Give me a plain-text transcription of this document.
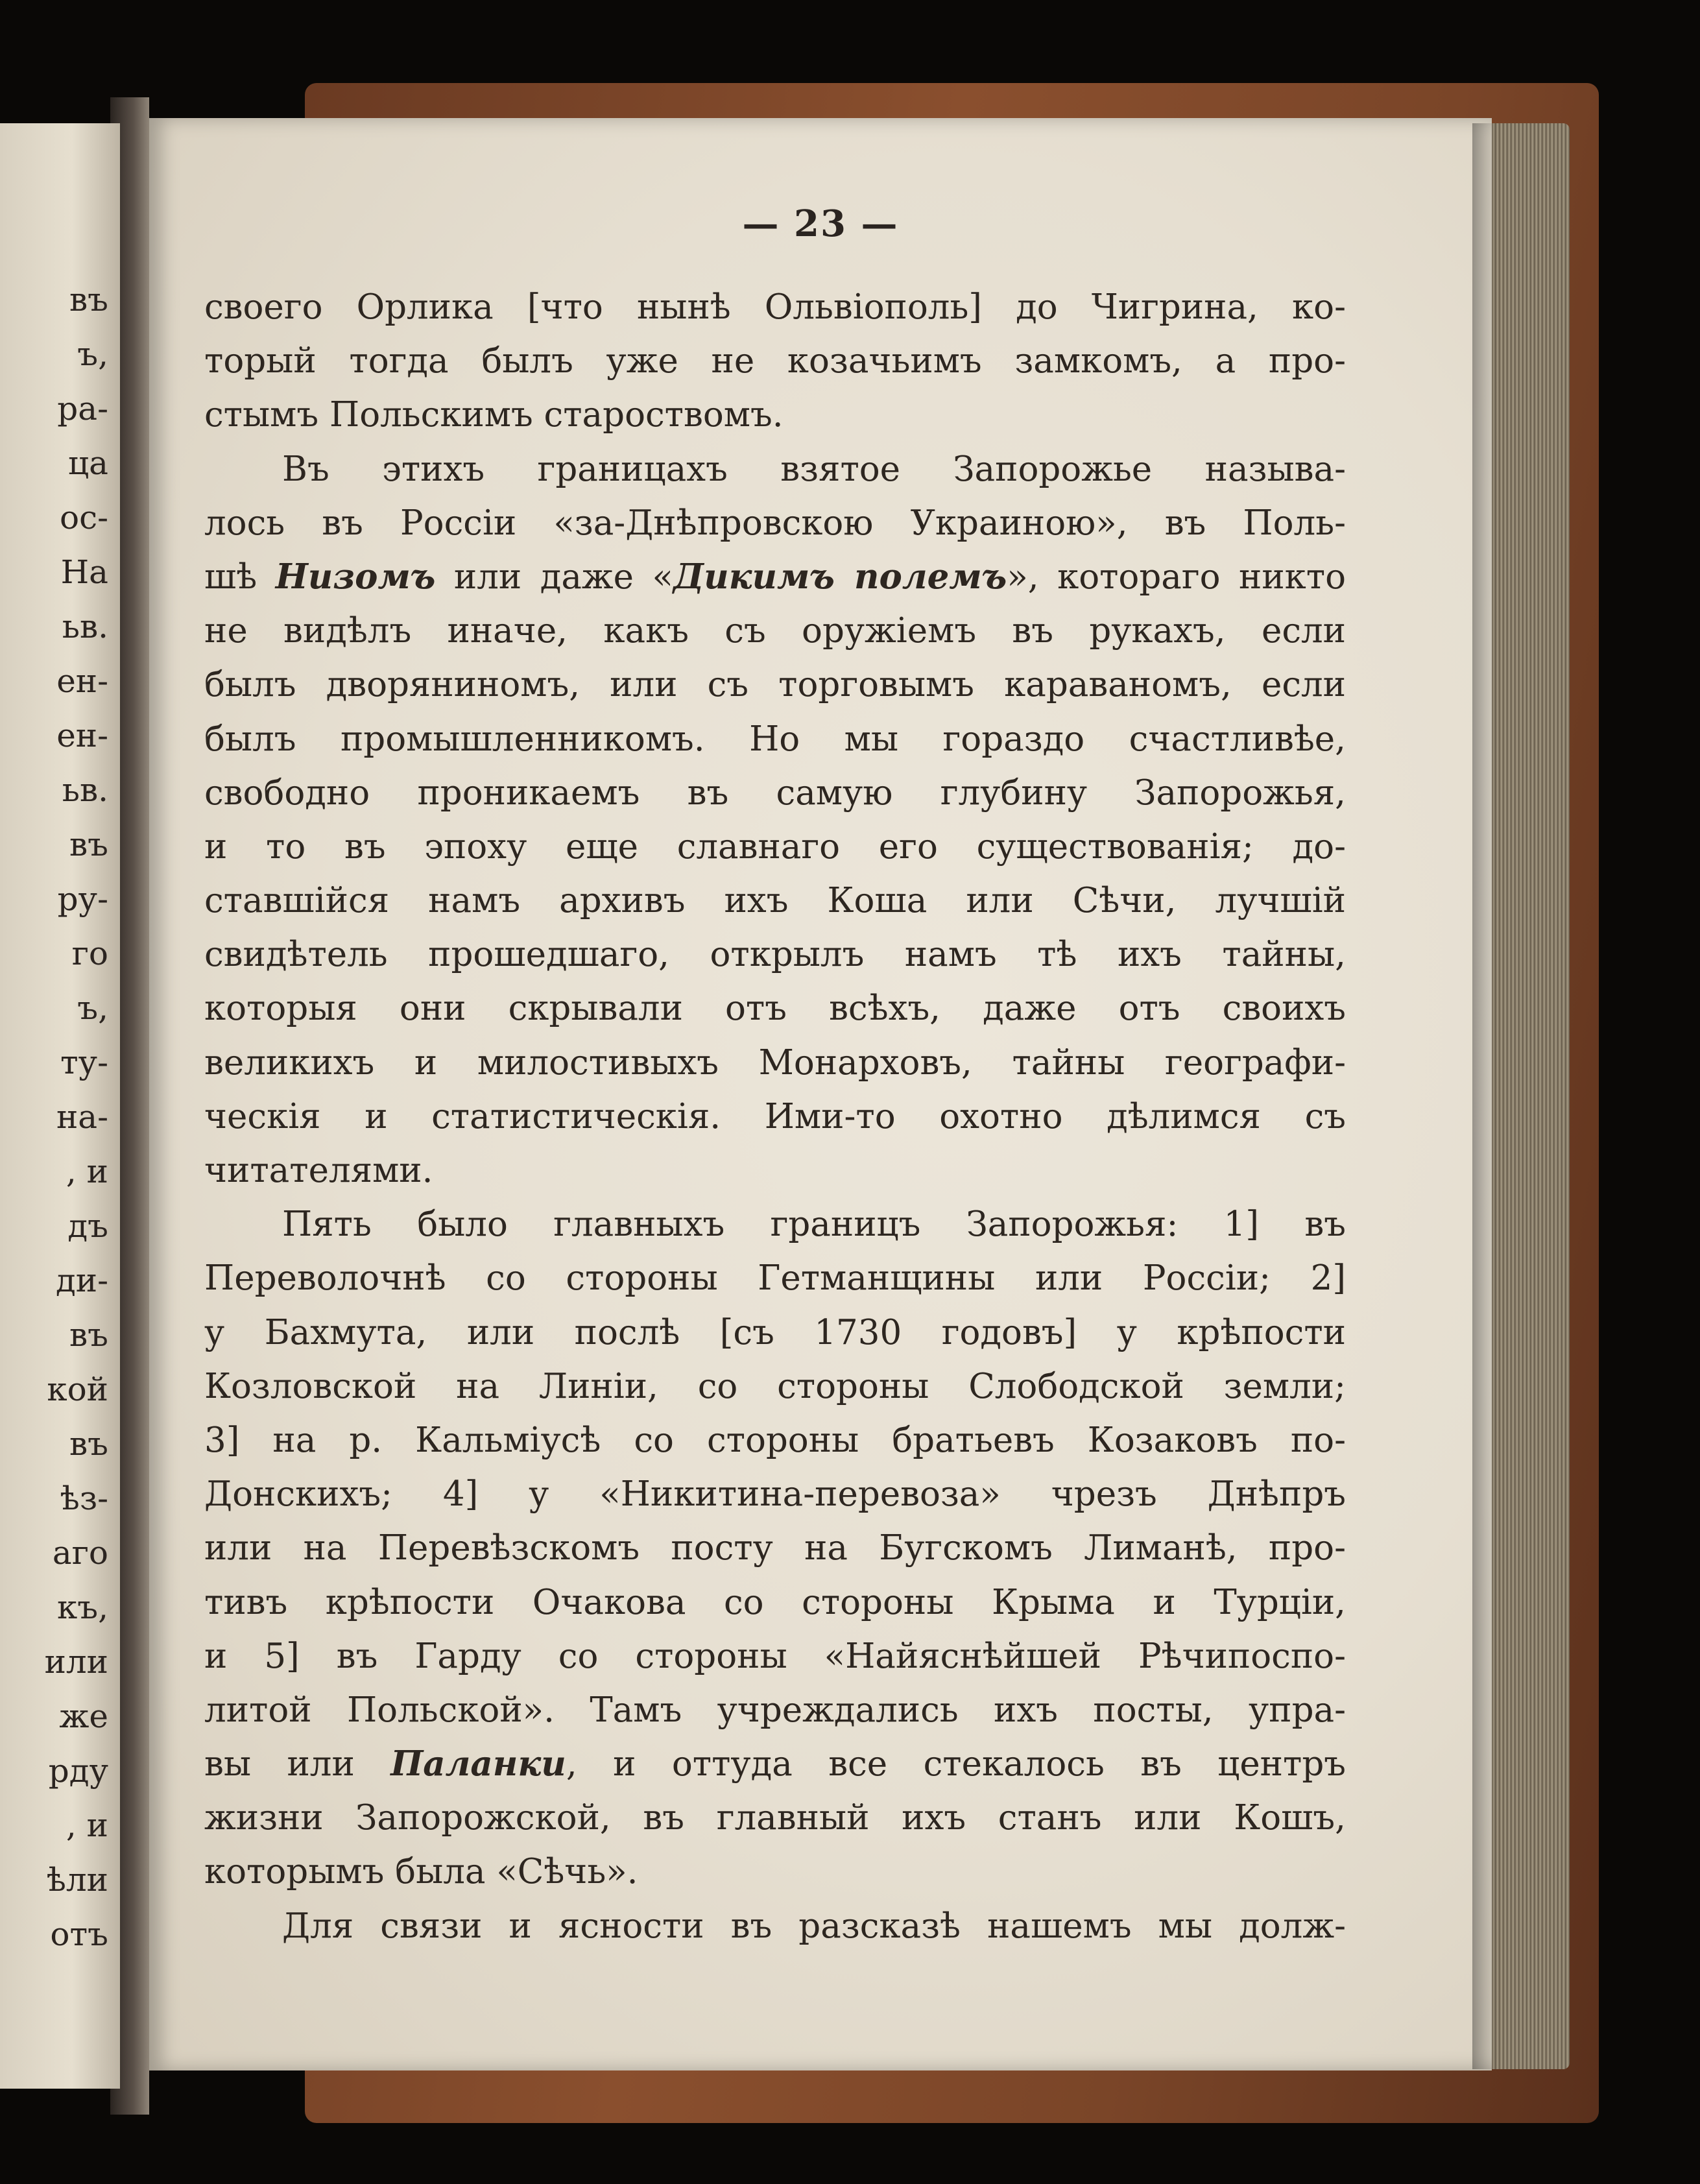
въ
ъ,
ра-
ца
ос-
На
ьв.
ен-
ен-
ьв.
въ
ру-
го
ъ,
ту-
на-
, и
дъ
ди-
въ
кой
въ
ѣз-
аго
къ,
или
же
рду
, и
ѣли
отъ
— 23 —
своего Орлика [что нынѣ Ольвіополь] до Чигрина, ко-
торый тогда былъ уже не козачьимъ замкомъ, а про-
стымъ Польскимъ староствомъ.
Въ этихъ границахъ взятое Запорожье называ-
лось въ Россіи «за-Днѣпровскою Украиною», въ Поль-
шѣ Низомъ или даже «Дикимъ полемъ», котораго никто
не видѣлъ иначе, какъ съ оружіемъ въ рукахъ, если
былъ дворяниномъ, или съ торговымъ караваномъ, если
былъ промышленникомъ. Но мы гораздо счастливѣе,
свободно проникаемъ въ самую глубину Запорожья,
и то въ эпоху еще славнаго его существованія; до-
ставшійся намъ архивъ ихъ Коша или Сѣчи, лучшій
свидѣтель прошедшаго, открылъ намъ тѣ ихъ тайны,
которыя они скрывали отъ всѣхъ, даже отъ своихъ
великихъ и милостивыхъ Монарховъ, тайны географи-
ческія и статистическія. Ими-то охотно дѣлимся съ
читателями.
Пять было главныхъ границъ Запорожья: 1] въ
Переволочнѣ со стороны Гетманщины или Россіи; 2]
у Бахмута, или послѣ [съ 1730 годовъ] у крѣпости
Козловской на Линіи, со стороны Слободской земли;
3] на р. Кальміусѣ со стороны братьевъ Козаковъ по-
Донскихъ; 4] у «Никитина-перевоза» чрезъ Днѣпръ
или на Перевѣзскомъ посту на Бугскомъ Лиманѣ, про-
тивъ крѣпости Очакова со стороны Крыма и Турціи,
и 5] въ Гарду со стороны «Найяснѣйшей Рѣчипоспо-
литой Польской». Тамъ учреждались ихъ посты, упра-
вы или Паланки, и оттуда все стекалось въ центръ
жизни Запорожской, въ главный ихъ станъ или Кошъ,
которымъ была «Сѣчь».
Для связи и ясности въ разсказѣ нашемъ мы долж-
